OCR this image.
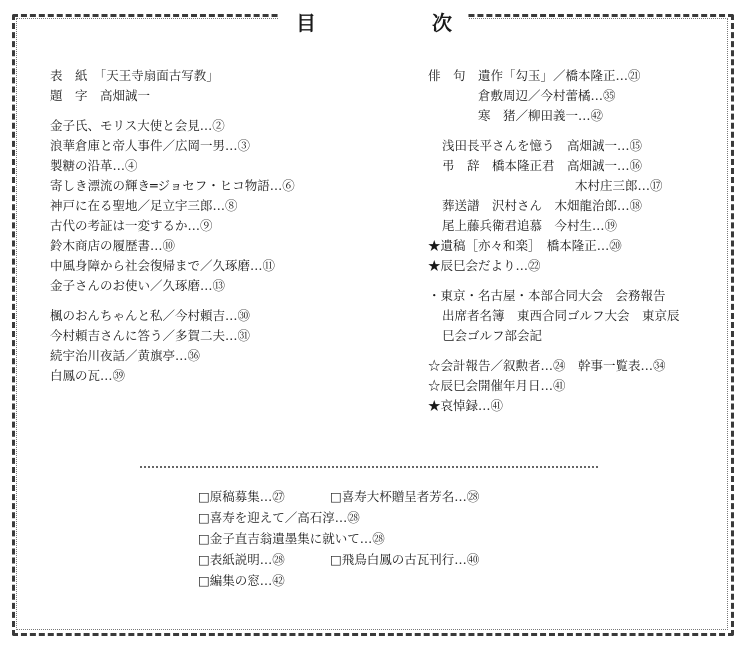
目	次
表　紙　「天王寺扇面古写教」
題　字　高畑誠一
金子氏、モリス大使と会見…②
浪華倉庫と帝人事件／広岡一男…③
製糖の沿革…④
寄しき漂流の輝き═ジョセフ・ヒコ物語…⑥
神戸に在る聖地／足立宇三郎…⑧
古代の考証は一変するか…⑨
鈴木商店の履歴書…⑩
中風身障から社会復帰まで／久琢磨…⑪
金子さんのお使い／久琢磨…⑬
楓のおんちゃんと私／今村頼吉…㉚
今村頼吉さんに答う／多賀二夫…㉛
続宇治川夜話／黄旗亭…㊱
白鳳の瓦…㊴
俳　句　遺作「勾玉」／橋本隆正…㉑
倉敷周辺／今村蕾橘…㉟
寒　猪／柳田義一…㊷
浅田長平さんを憶う　高畑誠一…⑮
弔　辞　橋本隆正君　高畑誠一…⑯
木村庄三郎…⑰
葬送譜　沢村さん　木畑龍治郎…⑱
尾上藤兵衛君追慕　今村生…⑲
★遺稿［亦々和楽］　橋本隆正…⑳
★辰巳会だより…㉒
・東京・名古屋・本部合同大会　会務報告
出席者名簿　東西合同ゴルフ大会　東京辰
巳会ゴルフ部会記
☆会計報告／叙勲者…㉔　幹事一覧表…㉞
☆辰巳会開催年月日…㊶
★哀悼録…㊶
□原稿募集…㉗	□喜寿大杯贈呈者芳名…㉘
□喜寿を迎えて／高石淳…㉘
□金子直吉翁遺墨集に就いて…㉘
□表紙説明…㉘	□飛鳥白鳳の古瓦刊行…㊵
□編集の窓…㊷
